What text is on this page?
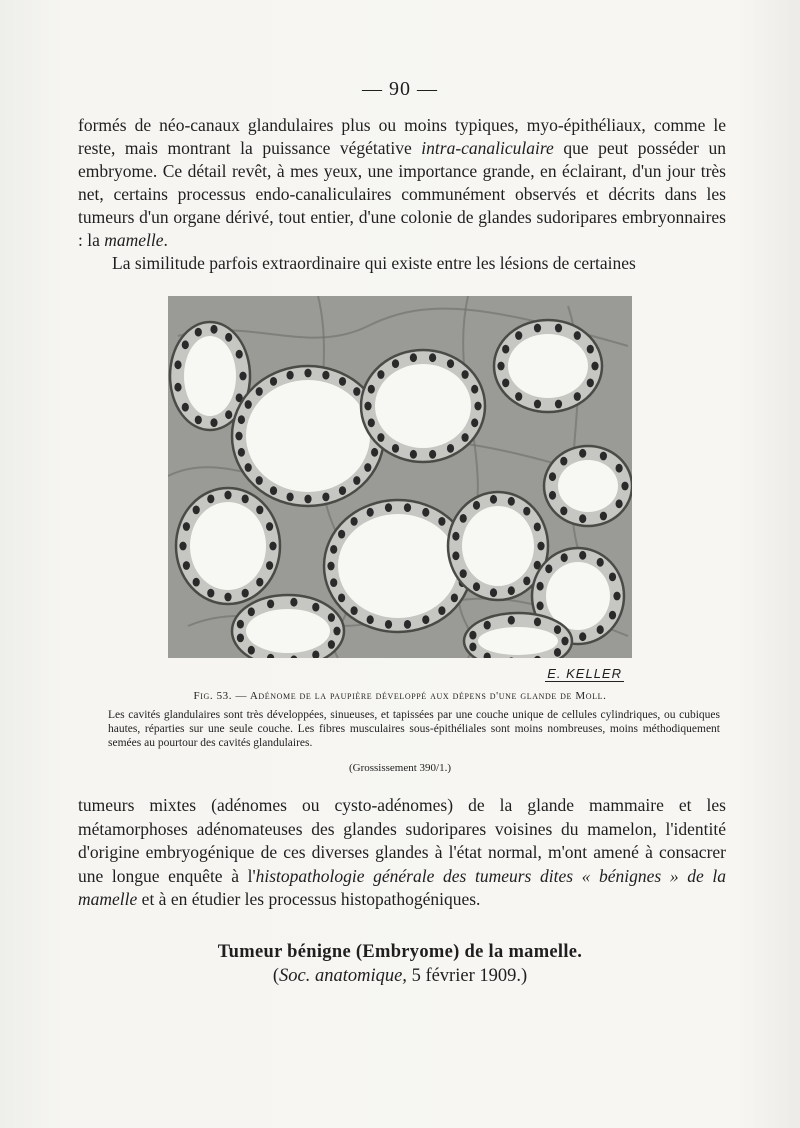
— 90 —

formés de néo-canaux glandulaires plus ou moins typiques, myo-épithéliaux, comme le reste, mais montrant la puissance végétative intra-canaliculaire que peut posséder un embryome. Ce détail revêt, à mes yeux, une importance grande, en éclairant, d'un jour très net, certains processus endo-canaliculaires communément observés et décrits dans les tumeurs d'un organe dérivé, tout entier, d'une colonie de glandes sudoripares embryonnaires : la mamelle.

La similitude parfois extraordinaire qui existe entre les lésions de certaines

E. KELLER
Fig. 53. — Adénome de la paupière développé aux dépens d'une glande de Moll.

Les cavités glandulaires sont très développées, sinueuses, et tapissées par une couche unique de cellules cylindriques, ou cubiques hautes, réparties sur une seule couche. Les fibres musculaires sous-épithéliales sont moins nombreuses, moins méthodiquement semées au pourtour des cavités glandulaires.

(Grossissement 390/1.)

tumeurs mixtes (adénomes ou cysto-adénomes) de la glande mammaire et les métamorphoses adénomateuses des glandes sudoripares voisines du mamelon, l'identité d'origine embryogénique de ces diverses glandes à l'état normal, m'ont amené à consacrer une longue enquête à l'histopathologie générale des tumeurs dites « bénignes » de la mamelle et à en étudier les processus histopathogéniques.

Tumeur bénigne (Embryome) de la mamelle.
(Soc. anatomique, 5 février 1909.)
